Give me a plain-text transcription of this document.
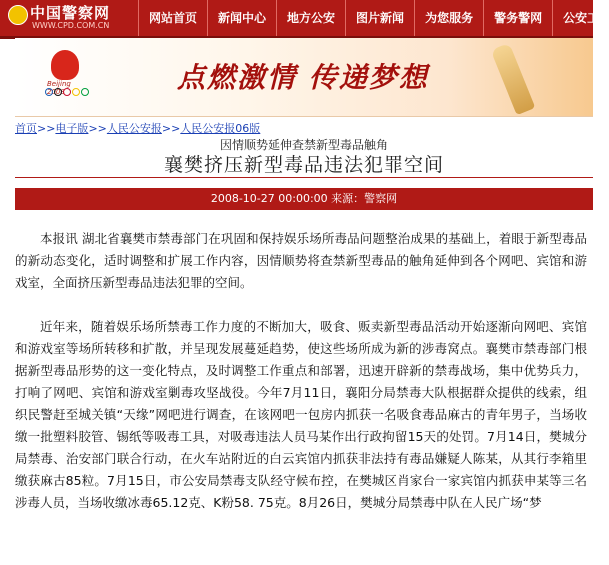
中国警察网
WWW.CPD.COM.CN
网站首页	新闻中心	地方公安	图片新闻	为您服务	警务警网	公安工
Beijing 2008	点燃激情 传递梦想
首页>>电子版>>人民公安报>>人民公安报06版
因情顺势延伸查禁新型毒品触角
襄樊挤压新型毒品违法犯罪空间
2008-10-27 00:00:00 来源：警察网

本报讯 湖北省襄樊市禁毒部门在巩固和保持娱乐场所毒品问题整治成果的基础上，着眼于新型毒品的新动态变化，适时调整和扩展工作内容，因情顺势将查禁新型毒品的触角延伸到各个网吧、宾馆和游戏室，全面挤压新型毒品违法犯罪的空间。

近年来，随着娱乐场所禁毒工作力度的不断加大，吸食、贩卖新型毒品活动开始逐渐向网吧、宾馆和游戏室等场所转移和扩散，并呈现发展蔓延趋势，使这些场所成为新的涉毒窝点。襄樊市禁毒部门根据新型毒品形势的这一变化特点，及时调整工作重点和部署，迅速开辟新的禁毒战场，集中优势兵力，打响了网吧、宾馆和游戏室剿毒攻坚战役。今年7月11日，襄阳分局禁毒大队根据群众提供的线索，组织民警赶至城关镇“天缘”网吧进行调查，在该网吧一包房内抓获一名吸食毒品麻古的青年男子，当场收缴一批塑料胶管、锡纸等吸毒工具，对吸毒违法人员马某作出行政拘留15天的处罚。7月14日，樊城分局禁毒、治安部门联合行动，在火车站附近的白云宾馆内抓获非法持有毒品嫌疑人陈某，从其行李箱里缴获麻古85粒。7月15日，市公安局禁毒支队经守候布控，在樊城区肖家台一家宾馆内抓获申某等三名涉毒人员，当场收缴冰毒65.12克、K粉58. 75克。8月26日，樊城分局禁毒中队在人民广场“梦
